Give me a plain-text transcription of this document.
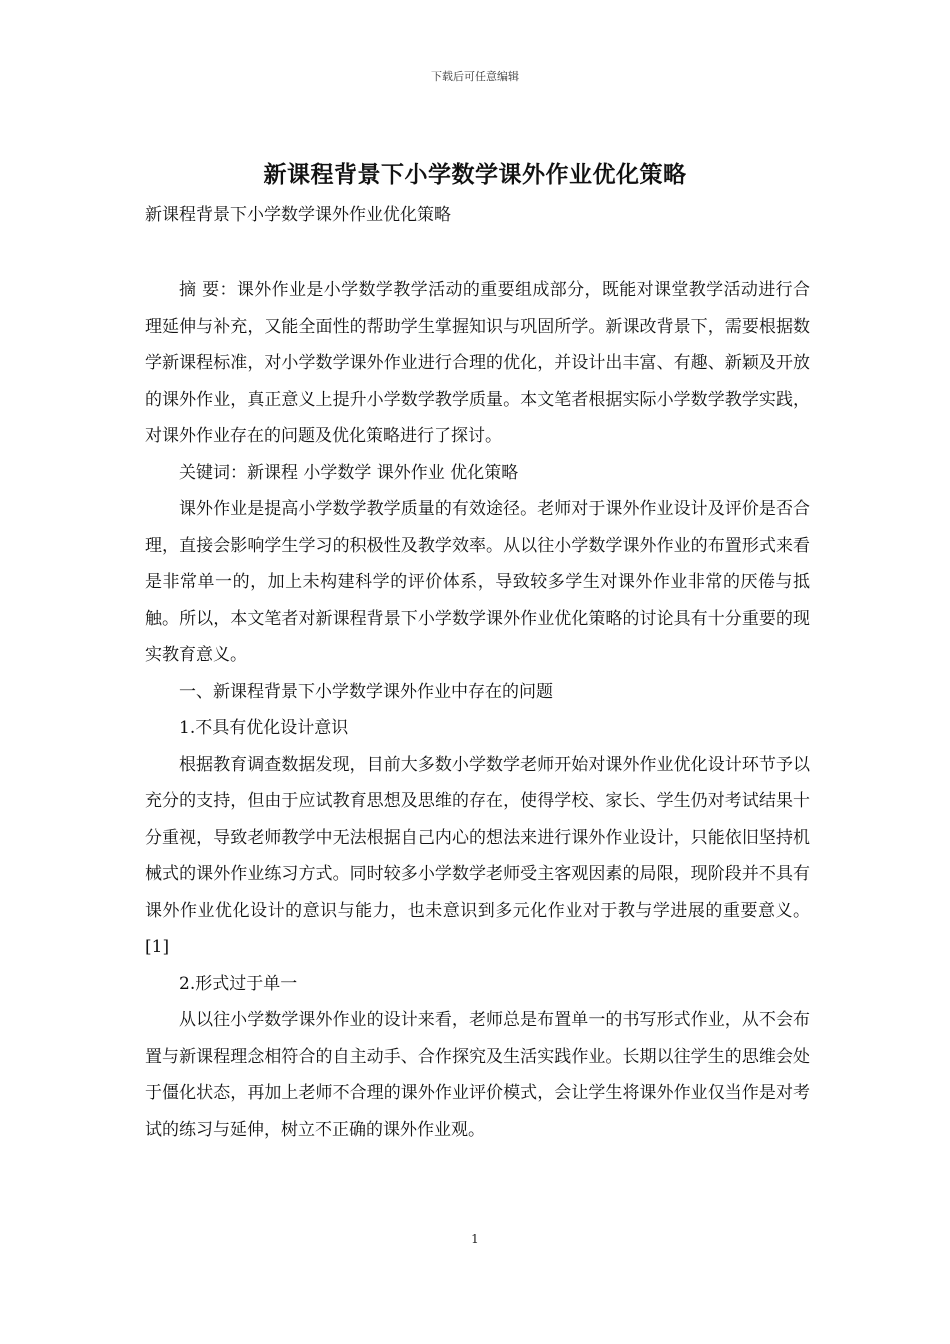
下载后可任意编辑
新课程背景下小学数学课外作业优化策略
新课程背景下小学数学课外作业优化策略

摘 要：课外作业是小学数学教学活动的重要组成部分，既能对课堂教学活动进行合理延伸与补充，又能全面性的帮助学生掌握知识与巩固所学。新课改背景下，需要根据数学新课程标准，对小学数学课外作业进行合理的优化，并设计出丰富、有趣、新颖及开放的课外作业，真正意义上提升小学数学教学质量。本文笔者根据实际小学数学教学实践，对课外作业存在的问题及优化策略进行了探讨。

关键词：新课程 小学数学 课外作业 优化策略

课外作业是提高小学数学教学质量的有效途径。老师对于课外作业设计及评价是否合理，直接会影响学生学习的积极性及教学效率。从以往小学数学课外作业的布置形式来看是非常单一的，加上未构建科学的评价体系，导致较多学生对课外作业非常的厌倦与抵触。所以，本文笔者对新课程背景下小学数学课外作业优化策略的讨论具有十分重要的现实教育意义。

一、新课程背景下小学数学课外作业中存在的问题

1.不具有优化设计意识

根据教育调查数据发现，目前大多数小学数学老师开始对课外作业优化设计环节予以充分的支持，但由于应试教育思想及思维的存在，使得学校、家长、学生仍对考试结果十分重视，导致老师教学中无法根据自己内心的想法来进行课外作业设计，只能依旧坚持机械式的课外作业练习方式。同时较多小学数学老师受主客观因素的局限，现阶段并不具有课外作业优化设计的意识与能力，也未意识到多元化作业对于教与学进展的重要意义。[1]

2.形式过于单一

从以往小学数学课外作业的设计来看，老师总是布置单一的书写形式作业，从不会布置与新课程理念相符合的自主动手、合作探究及生活实践作业。长期以往学生的思维会处于僵化状态，再加上老师不合理的课外作业评价模式，会让学生将课外作业仅当作是对考试的练习与延伸，树立不正确的课外作业观。

1
